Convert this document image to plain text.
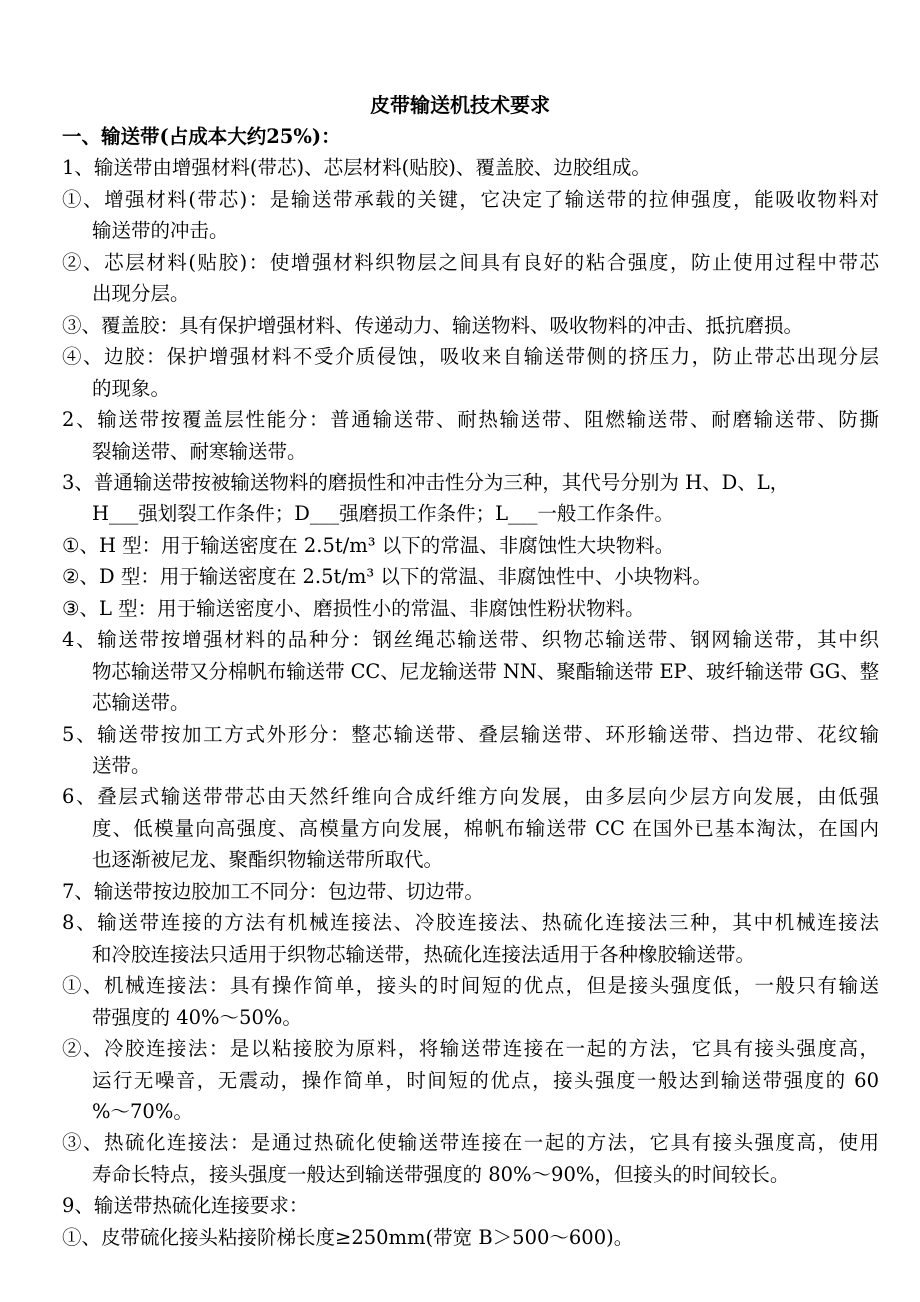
皮带输送机技术要求
一、输送带(占成本大约25%)：
1、输送带由增强材料(带芯)、芯层材料(贴胶)、覆盖胶、边胶组成。
①、增强材料(带芯)：是输送带承载的关键，它决定了输送带的拉伸强度，能吸收物料对
输送带的冲击。
②、芯层材料(贴胶)：使增强材料织物层之间具有良好的粘合强度，防止使用过程中带芯
出现分层。
③、覆盖胶：具有保护增强材料、传递动力、输送物料、吸收物料的冲击、抵抗磨损。
④、边胶：保护增强材料不受介质侵蚀，吸收来自输送带侧的挤压力，防止带芯出现分层
的现象。
2、输送带按覆盖层性能分：普通输送带、耐热输送带、阻燃输送带、耐磨输送带、防撕
裂输送带、耐寒输送带。
3、普通输送带按被输送物料的磨损性和冲击性分为三种，其代号分别为 H、D、L，
H___强划裂工作条件；D___强磨损工作条件；L___一般工作条件。
①、H 型：用于输送密度在 2.5t/m³ 以下的常温、非腐蚀性大块物料。
②、D 型：用于输送密度在 2.5t/m³ 以下的常温、非腐蚀性中、小块物料。
③、L 型：用于输送密度小、磨损性小的常温、非腐蚀性粉状物料。
4、输送带按增强材料的品种分：钢丝绳芯输送带、织物芯输送带、钢网输送带，其中织
物芯输送带又分棉帆布输送带 CC、尼龙输送带 NN、聚酯输送带 EP、玻纤输送带 GG、整
芯输送带。
5、输送带按加工方式外形分：整芯输送带、叠层输送带、环形输送带、挡边带、花纹输
送带。
6、叠层式输送带带芯由天然纤维向合成纤维方向发展，由多层向少层方向发展，由低强
度、低模量向高强度、高模量方向发展，棉帆布输送带 CC 在国外已基本淘汰，在国内
也逐渐被尼龙、聚酯织物输送带所取代。
7、输送带按边胶加工不同分：包边带、切边带。
8、输送带连接的方法有机械连接法、冷胶连接法、热硫化连接法三种，其中机械连接法
和冷胶连接法只适用于织物芯输送带，热硫化连接法适用于各种橡胶输送带。
①、机械连接法：具有操作简单，接头的时间短的优点，但是接头强度低，一般只有输送
带强度的 40%～50%。
②、冷胶连接法：是以粘接胶为原料，将输送带连接在一起的方法，它具有接头强度高，
运行无噪音，无震动，操作简单，时间短的优点，接头强度一般达到输送带强度的 60
%～70%。
③、热硫化连接法：是通过热硫化使输送带连接在一起的方法，它具有接头强度高，使用
寿命长特点，接头强度一般达到输送带强度的 80%～90%，但接头的时间较长。
9、输送带热硫化连接要求：
①、皮带硫化接头粘接阶梯长度≥250mm(带宽 B＞500～600)。
